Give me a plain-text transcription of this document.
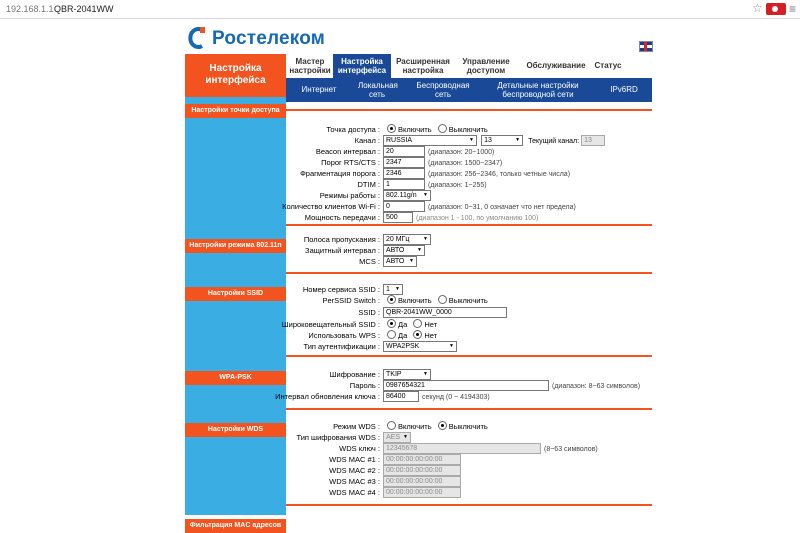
192.168.1.1 QBR-2041WW	☆ ≡
Ростелеком
Мастер настройки
Настройка интерфейса
Расширенная настройка
Управление доступом
Обслуживание	Статус
Интернет	Локальная сеть
Беспроводная сеть
Детальные настройки беспроводной сети
IPv6RD
Настройка интерфейса
Настройки точки доступа
Настройки режима 802.11n
Настройки SSID
WPA-PSK
Настройки WDS
Фильтрация MAC адресов
Точка доступа :	Включить Выключить
Канал : RUSSIA ▼	13 ▼	Текущий канал: 13
Beacon интервал : 20	(диапазон: 20~1000)
Порог RTS/CTS : 2347	(диапазон: 1500~2347)
Фрагментация порога : 2346	(диапазон: 256~2346, только четные числа)
DTIM : 1	(диапазон: 1~255)
Режимы работы : 802.11g/n ▼
Количество клиентов Wi-Fi : 0	(диапазон: 0~31, 0 означает что нет предела)
Мощность передачи : 500	(диапазон 1 - 100, по умолчанию 100)
Полоса пропускания : 20 МГц ▼
Защитный интервал : АВТО ▼
MCS : АВТО ▼
Номер сервиса SSID : 1 ▼
PerSSID Switch :	Включить Выключить
SSID : QBR-2041WW_0000
Широковещательный SSID :	Да Нет
Использовать WPS :	Да Нет
Тип аутентификации : WPA2PSK ▼
Шифрование : TKIP ▼
Пароль : 0987654321	(диапазон: 8~63 символов)
Интервал обновления ключа : 86400 секунд (0 ~ 4194303)
Режим WDS :	Включить Выключить
Тип шифрования WDS : AES ▼
WDS ключ : 12345678	(8~63 символов)
WDS MAC #1 : 00:00:00:00:00:00
WDS MAC #2 : 00:00:00:00:00:00
WDS MAC #3 : 00:00:00:00:00:00
WDS MAC #4 : 00:00:00:00:00:00
